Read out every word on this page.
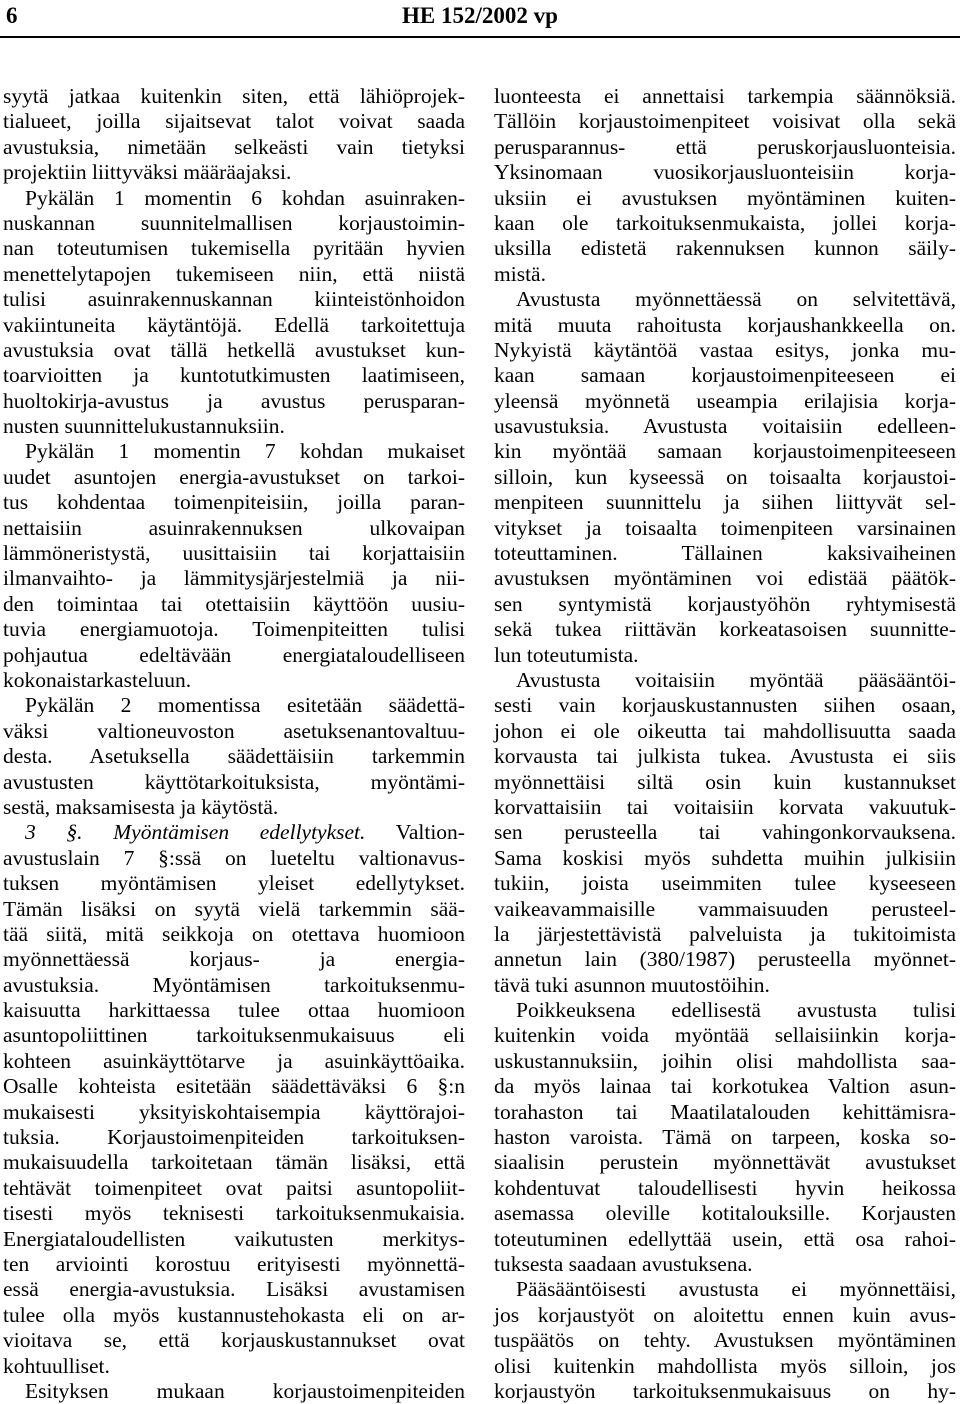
6	HE 152/2002 vp
syytä jatkaa kuitenkin siten, että lähiöprojek-
tialueet, joilla sijaitsevat talot voivat saada
avustuksia, nimetään selkeästi vain tietyksi
projektiin liittyväksi määräajaksi.
Pykälän 1 momentin 6 kohdan asuinraken-
nuskannan suunnitelmallisen korjaustoimin-
nan toteutumisen tukemisella pyritään hyvien
menettelytapojen tukemiseen niin, että niistä
tulisi asuinrakennuskannan kiinteistönhoidon
vakiintuneita käytäntöjä. Edellä tarkoitettuja
avustuksia ovat tällä hetkellä avustukset kun-
toarvioitten ja kuntotutkimusten laatimiseen,
huoltokirja-avustus ja avustus perusparan-
nusten suunnittelukustannuksiin.
Pykälän 1 momentin 7 kohdan mukaiset
uudet asuntojen energia-avustukset on tarkoi-
tus kohdentaa toimenpiteisiin, joilla paran-
nettaisiin asuinrakennuksen ulkovaipan
lämmöneristystä, uusittaisiin tai korjattaisiin
ilmanvaihto- ja lämmitysjärjestelmiä ja nii-
den toimintaa tai otettaisiin käyttöön uusiu-
tuvia energiamuotoja. Toimenpiteitten tulisi
pohjautua edeltävään energiataloudelliseen
kokonaistarkasteluun.
Pykälän 2 momentissa esitetään säädettä-
väksi valtioneuvoston asetuksenantovaltuu-
desta. Asetuksella säädettäisiin tarkemmin
avustusten käyttötarkoituksista, myöntämi-
sestä, maksamisesta ja käytöstä.
3 §. Myöntämisen edellytykset. Valtion-
avustuslain 7 §:ssä on lueteltu valtionavus-
tuksen myöntämisen yleiset edellytykset.
Tämän lisäksi on syytä vielä tarkemmin sää-
tää siitä, mitä seikkoja on otettava huomioon
myönnettäessä korjaus- ja energia-
avustuksia. Myöntämisen tarkoituksenmu-
kaisuutta harkittaessa tulee ottaa huomioon
asuntopoliittinen tarkoituksenmukaisuus eli
kohteen asuinkäyttötarve ja asuinkäyttöaika.
Osalle kohteista esitetään säädettäväksi 6 §:n
mukaisesti yksityiskohtaisempia käyttörajoi-
tuksia. Korjaustoimenpiteiden tarkoituksen-
mukaisuudella tarkoitetaan tämän lisäksi, että
tehtävät toimenpiteet ovat paitsi asuntopoliit-
tisesti myös teknisesti tarkoituksenmukaisia.
Energiataloudellisten vaikutusten merkitys-
ten arviointi korostuu erityisesti myönnettä-
essä energia-avustuksia. Lisäksi avustamisen
tulee olla myös kustannustehokasta eli on ar-
vioitava se, että korjauskustannukset ovat
kohtuulliset.
Esityksen mukaan korjaustoimenpiteiden
luonteesta ei annettaisi tarkempia säännöksiä.
Tällöin korjaustoimenpiteet voisivat olla sekä
perusparannus- että peruskorjausluonteisia.
Yksinomaan vuosikorjausluonteisiin korja-
uksiin ei avustuksen myöntäminen kuiten-
kaan ole tarkoituksenmukaista, jollei korja-
uksilla edistetä rakennuksen kunnon säily-
mistä.
Avustusta myönnettäessä on selvitettävä,
mitä muuta rahoitusta korjaushankkeella on.
Nykyistä käytäntöä vastaa esitys, jonka mu-
kaan samaan korjaustoimenpiteeseen ei
yleensä myönnetä useampia erilajisia korja-
usavustuksia. Avustusta voitaisiin edelleen-
kin myöntää samaan korjaustoimenpiteeseen
silloin, kun kyseessä on toisaalta korjaustoi-
menpiteen suunnittelu ja siihen liittyvät sel-
vitykset ja toisaalta toimenpiteen varsinainen
toteuttaminen. Tällainen kaksivaiheinen
avustuksen myöntäminen voi edistää päätök-
sen syntymistä korjaustyöhön ryhtymisestä
sekä tukea riittävän korkeatasoisen suunnitte-
lun toteutumista.
Avustusta voitaisiin myöntää pääsääntöi-
sesti vain korjauskustannusten siihen osaan,
johon ei ole oikeutta tai mahdollisuutta saada
korvausta tai julkista tukea. Avustusta ei siis
myönnettäisi siltä osin kuin kustannukset
korvattaisiin tai voitaisiin korvata vakuutuk-
sen perusteella tai vahingonkorvauksena.
Sama koskisi myös suhdetta muihin julkisiin
tukiin, joista useimmiten tulee kyseeseen
vaikeavammaisille vammaisuuden perusteel-
la järjestettävistä palveluista ja tukitoimista
annetun lain (380/1987) perusteella myönnet-
tävä tuki asunnon muutostöihin.
Poikkeuksena edellisestä avustusta tulisi
kuitenkin voida myöntää sellaisiinkin korja-
uskustannuksiin, joihin olisi mahdollista saa-
da myös lainaa tai korkotukea Valtion asun-
torahaston tai Maatilatalouden kehittämisra-
haston varoista. Tämä on tarpeen, koska so-
siaalisin perustein myönnettävät avustukset
kohdentuvat taloudellisesti hyvin heikossa
asemassa oleville kotitalouksille. Korjausten
toteutuminen edellyttää usein, että osa rahoi-
tuksesta saadaan avustuksena.
Pääsääntöisesti avustusta ei myönnettäisi,
jos korjaustyöt on aloitettu ennen kuin avus-
tuspäätös on tehty. Avustuksen myöntäminen
olisi kuitenkin mahdollista myös silloin, jos
korjaustyön tarkoituksenmukaisuus on hy-
